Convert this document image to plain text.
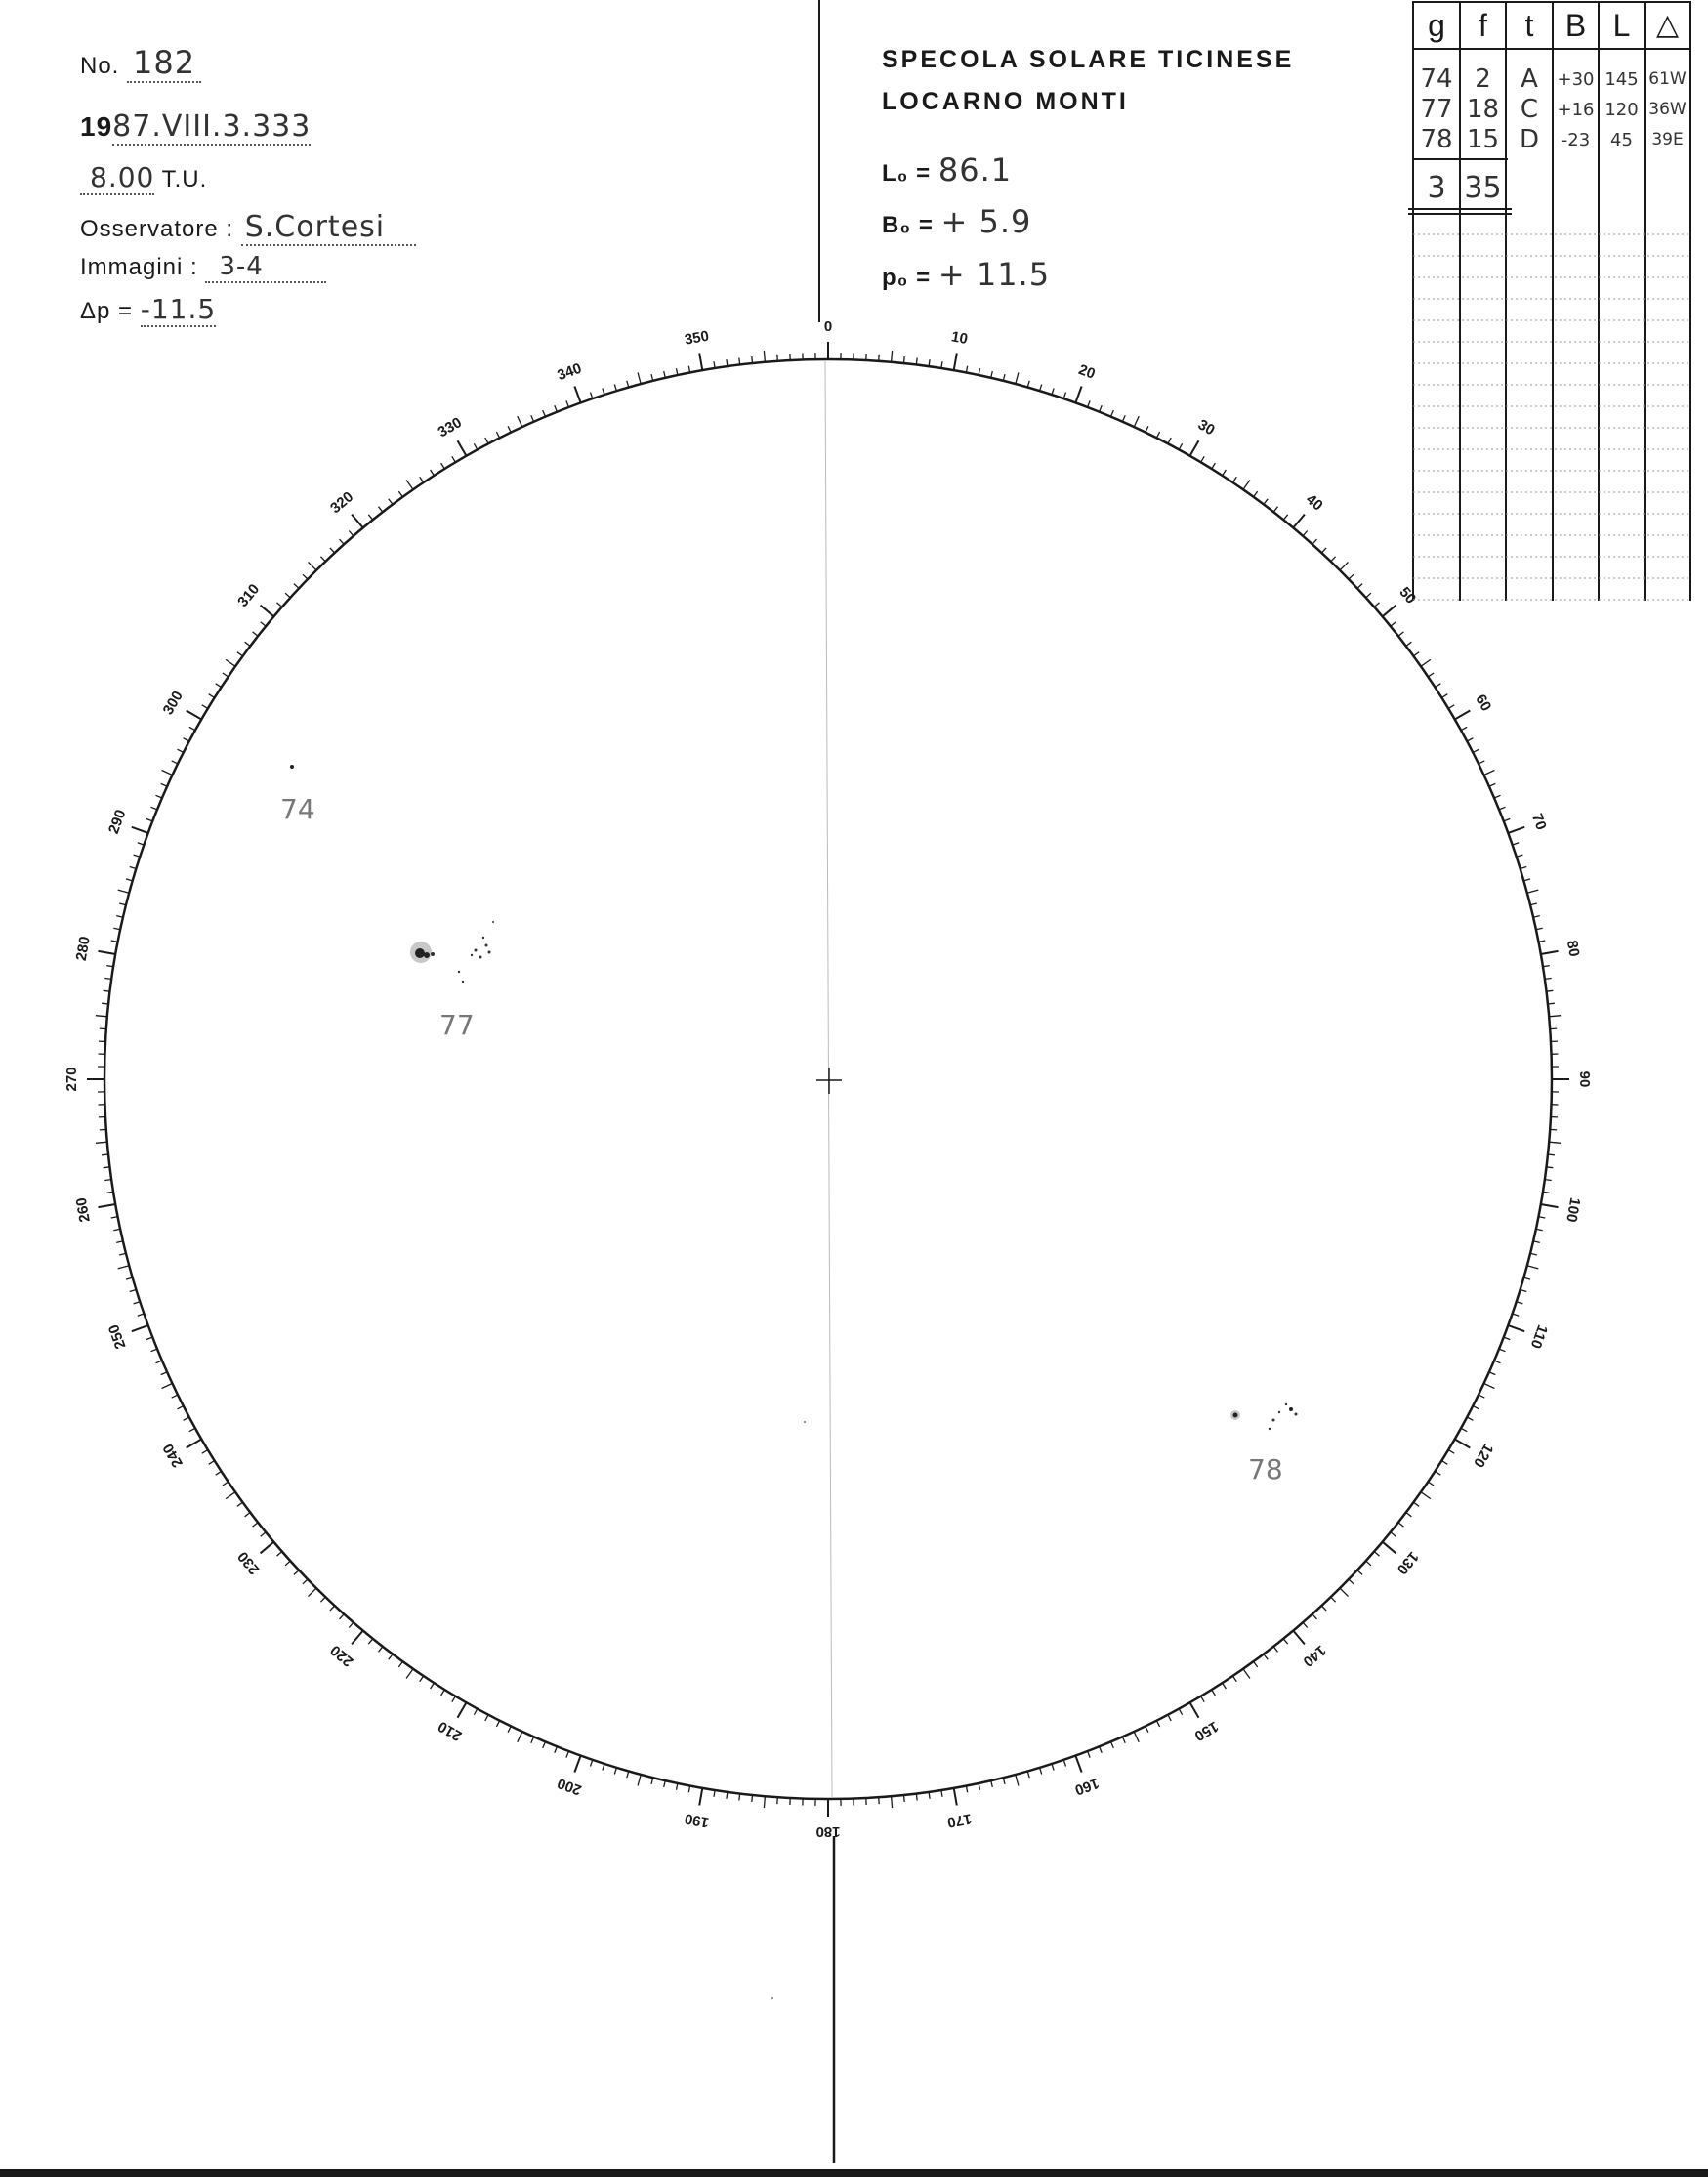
No. 182
1987.VIII.3.333
8.00 T.U.
Osservatore : S.Cortesi
Immagini : 3-4
Δp = -11.5
SPECOLA SOLARE TICINESE
LOCARNO MONTI
L₀ = 86.1
B₀ = + 5.9
p₀ = + 11.5
0
10
20
30
40
50
60
70
80
90
100
110
120
130
140
150
160
170
180
190
200
210
220
230
240
250
260
270
280
290
300
310
320
330
340
350
74
77
78
g	f	t	B L △
74 2	A	+30 145 61W
77 18 C	+16 120 36W
78 15 D	-23	45	39E
3 35
